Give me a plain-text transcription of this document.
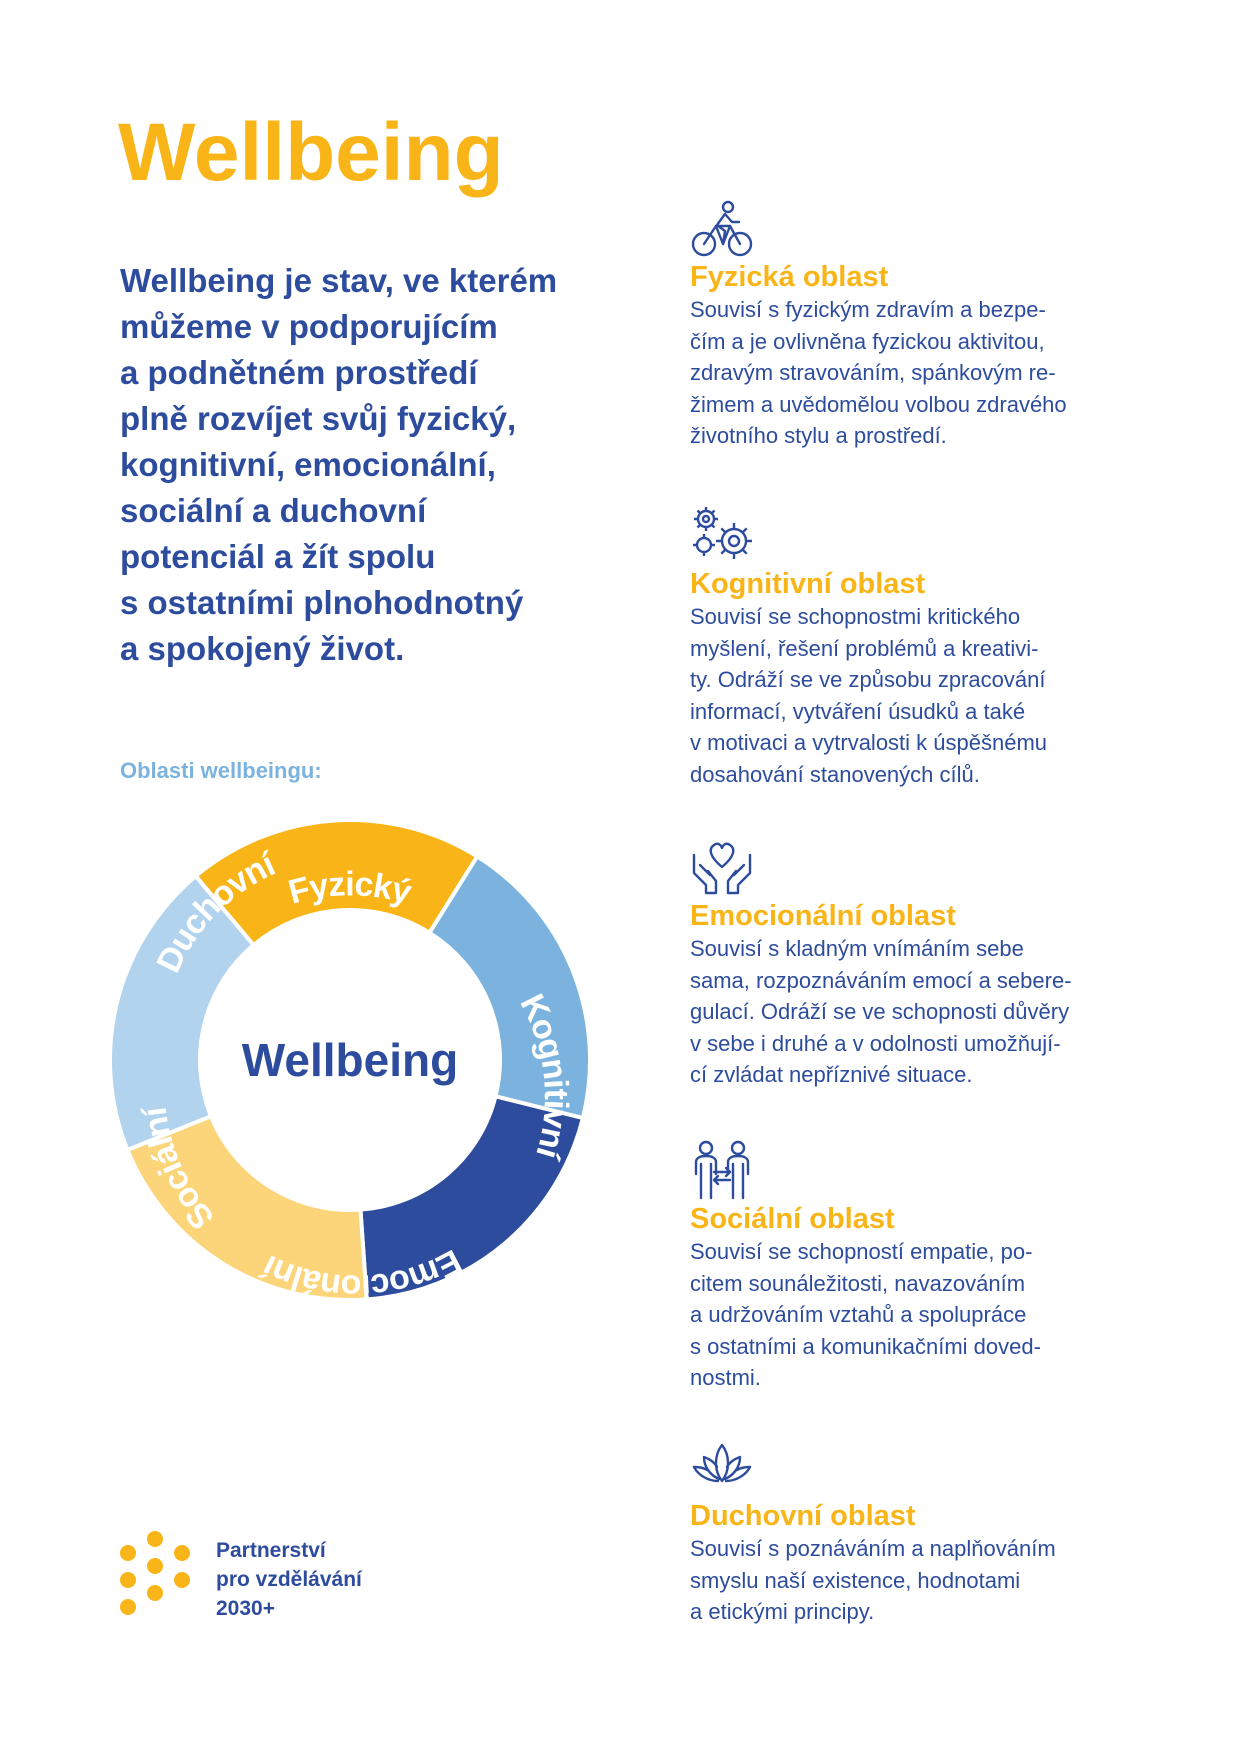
Wellbeing
Wellbeing je stav, ve kterém
můžeme v podporujícím
a podnětném prostředí
plně rozvíjet svůj fyzický,
kognitivní, emocionální,
sociální a duchovní
potenciál a žít spolu
s ostatními plnohodnotný
a spokojený život.
Oblasti wellbeingu:
Fyzický
Kognitivní
Emocionální
Sociální
Duchovní
Wellbeing
Partnerství
pro vzdělávání
2030+
Fyzická oblast
Souvisí s fyzickým zdravím a bezpe-
čím a je ovlivněna fyzickou aktivitou,
zdravým stravováním, spánkovým re-
žimem a uvědomělou volbou zdravého
životního stylu a prostředí.
Kognitivní oblast
Souvisí se schopnostmi kritického
myšlení, řešení problémů a kreativi-
ty. Odráží se ve způsobu zpracování
informací, vytváření úsudků a také
v motivaci a vytrvalosti k úspěšnému
dosahování stanovených cílů.
Emocionální oblast
Souvisí s kladným vnímáním sebe
sama, rozpoznáváním emocí a sebere-
gulací. Odráží se ve schopnosti důvěry
v sebe i druhé a v odolnosti umožňují-
cí zvládat nepříznivé situace.
Sociální oblast
Souvisí se schopností empatie, po-
citem sounáležitosti, navazováním
a udržováním vztahů a spolupráce
s ostatními a komunikačními doved-
nostmi.
Duchovní oblast
Souvisí s poznáváním a naplňováním
smyslu naší existence, hodnotami
a etickými principy.
